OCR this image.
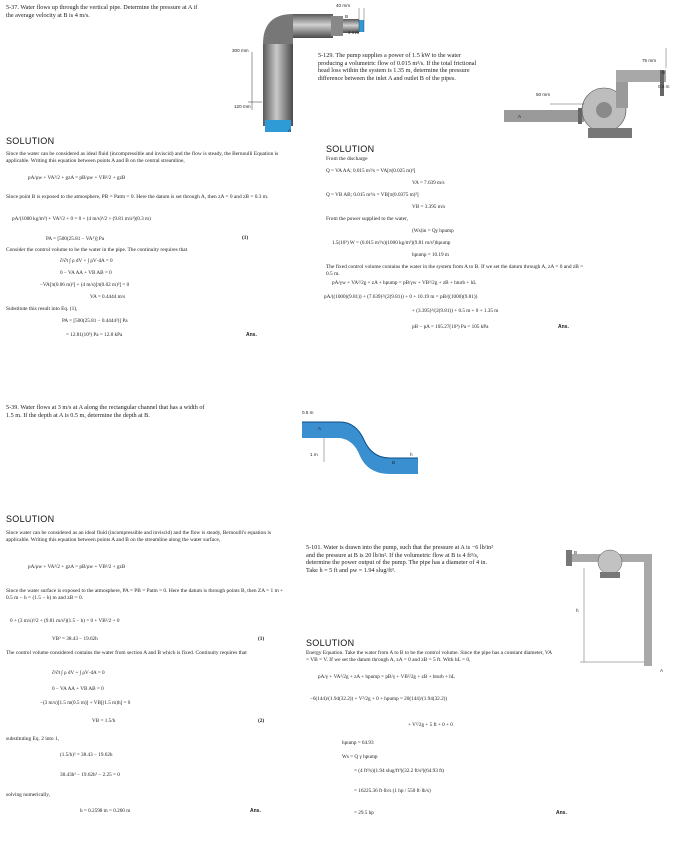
5-37. Water flows up through the vertical pipe. Determine the pressure at A if the average velocity at B is 4 m/s.
40 mm
4 m/s
B
300 mm
120 mm
A
SOLUTION
Since the water can be considered as ideal fluid (incompressible and inviscid) and the flow is steady, the Bernoulli Equation is applicable. Writing this equation between points A and B on the central streamline,
pA/ρw + VA²/2 + gzA = pB/ρw + VB²/2 + gzB
Since point B is exposed to the atmosphere, PB = Patm = 0. Here the datum is set through A, then zA = 0 and zB = 0.3 m.
pA/(1000 kg/m³) + VA²/2 + 0 = 0 + (4 m/s)²/2 + (9.81 m/s²)(0.3 m)
PA = [500(25.81 − VA²)] Pa	(1)
Consider the control volume to be the water in the pipe. The continuity requires that
∂/∂t ∫ ρ dV + ∫ ρV·dA = 0
0 − VA AA + VB AB = 0
−VA[π(0.06 m)²] + (4 m/s)[π(0.02 m)²] = 0
VA = 0.4444 m/s
Substitute this result into Eq. (1),
PA = [500(25.81 − 0.4444²)] Pa
= 12.81(10³) Pa = 12.8 kPa	Ans.
5-129. The pump supplies a power of 1.5 kW to the water producing a volumetric flow of 0.015 m³/s. If the total frictional head loss within the system is 1.35 m, determine the pressure difference between the inlet A and outlet B of the pipes.
75 mm
50 mm
0.5 m
A
B
SOLUTION
From the discharge
Q = VA AA; 0.015 m³/s = VA[π(0.025 m)²]
VA = 7.639 m/s
Q = VB AB; 0.015 m³/s = VB[π(0.0375 m)²]
VB = 3.395 m/s
From the power supplied to the water,
(Ws)in = Qγ hpump
1.5(10³) W = (0.015 m³/s)(1000 kg/m³)(9.81 m/s²)hpump
hpump = 10.19 m
The fixed control volume contains the water in the system from A to B. If we set the datum through A, zA = 0 and zB = 0.5 m.
pA/γw + VA²/2g + zA + hpump = pB/γw + VB²/2g + zB + hturb + hL
pA/((1000)(9.81)) + (7.639)²/(2(9.81)) + 0 + 10.19 m = pB/((1000)(9.81))
+ (3.395)²/(2(9.81)) + 0.5 m + 0 + 1.35 m
pB − pA = 105.27(10³) Pa = 105 kPa	Ans.
5-39. Water flows at 3 m/s at A along the rectangular channel that has a width of 1.5 m. If the depth at A is 0.5 m, determine the depth at B.	0.5 m
A
1 m
B
h
SOLUTION
Since water can be considered as an ideal fluid (incompressible and inviscid) and the flow is steady, Bernoulli's equation is applicable. Writing this equation between points A and B on the streamline along the water surface,
pA/ρw + VA²/2 + gzA = pB/ρw + VB²/2 + gzB
Since the water surface is exposed to the atmosphere, PA = PB = Patm = 0. Here the datum is through points B, then ZA = 1 m + 0.5 m − h = (1.5 − h) m and zB = 0.
0 + (3 m/s)²/2 + (9.81 m/s²)(1.5 − h) = 0 + VB²/2 + 0
VB² = 38.43 − 19.62h	(1)
The control volume considered contains the water from section A and B which is fixed. Continuity requires that
∂/∂t ∫ ρ dV + ∫ ρV·dA = 0
0 − VA AA + VB AB = 0
−(3 m/s)[1.5 m(0.5 m)] + VB[(1.5 m)h] = 0
VB = 1.5/h	(2)
substituting Eq. 2 into 1,
(1.5/h)² = 38.43 − 19.62h
38.43h³ − 19.62h³ − 2.25 = 0
solving numerically,
h = 0.2598 m = 0.260 m	Ans.
5-101. Water is drawn into the pump, such that the pressure at A is −6 lb/in² and the pressure at B is 20 lb/in². If the volumetric flow at B is 4 ft³/s, determine the power output of the pump. The pipe has a diameter of 4 in. Take h = 5 ft and ρw = 1.94 slug/ft³.
B
h
A
SOLUTION
Energy Equation. Take the water from A to B to be the control volume. Since the pipe has a constant diameter, VA = VB = V. If we set the datum through A, zA = 0 and zB = 5 ft. With hL = 0,
pA/γ + VA²/2g + zA + hpump = pB/γ + VB²/2g + zB + hturb + hL
−6(144)/(1.94(32.2)) + V²/2g + 0 + hpump = 20(144)/(1.94(32.2))
+ V²/2g + 5 ft + 0 + 0
hpump = 64.93
Ws = Q γ hpump
= (4 ft³/s)(1.94 slug/ft³)(32.2 ft/s²)(64.93 ft)
= 16225.36 ft·lb/s (1 hp / 550 ft·lb/s)
= 29.5 hp	Ans.
